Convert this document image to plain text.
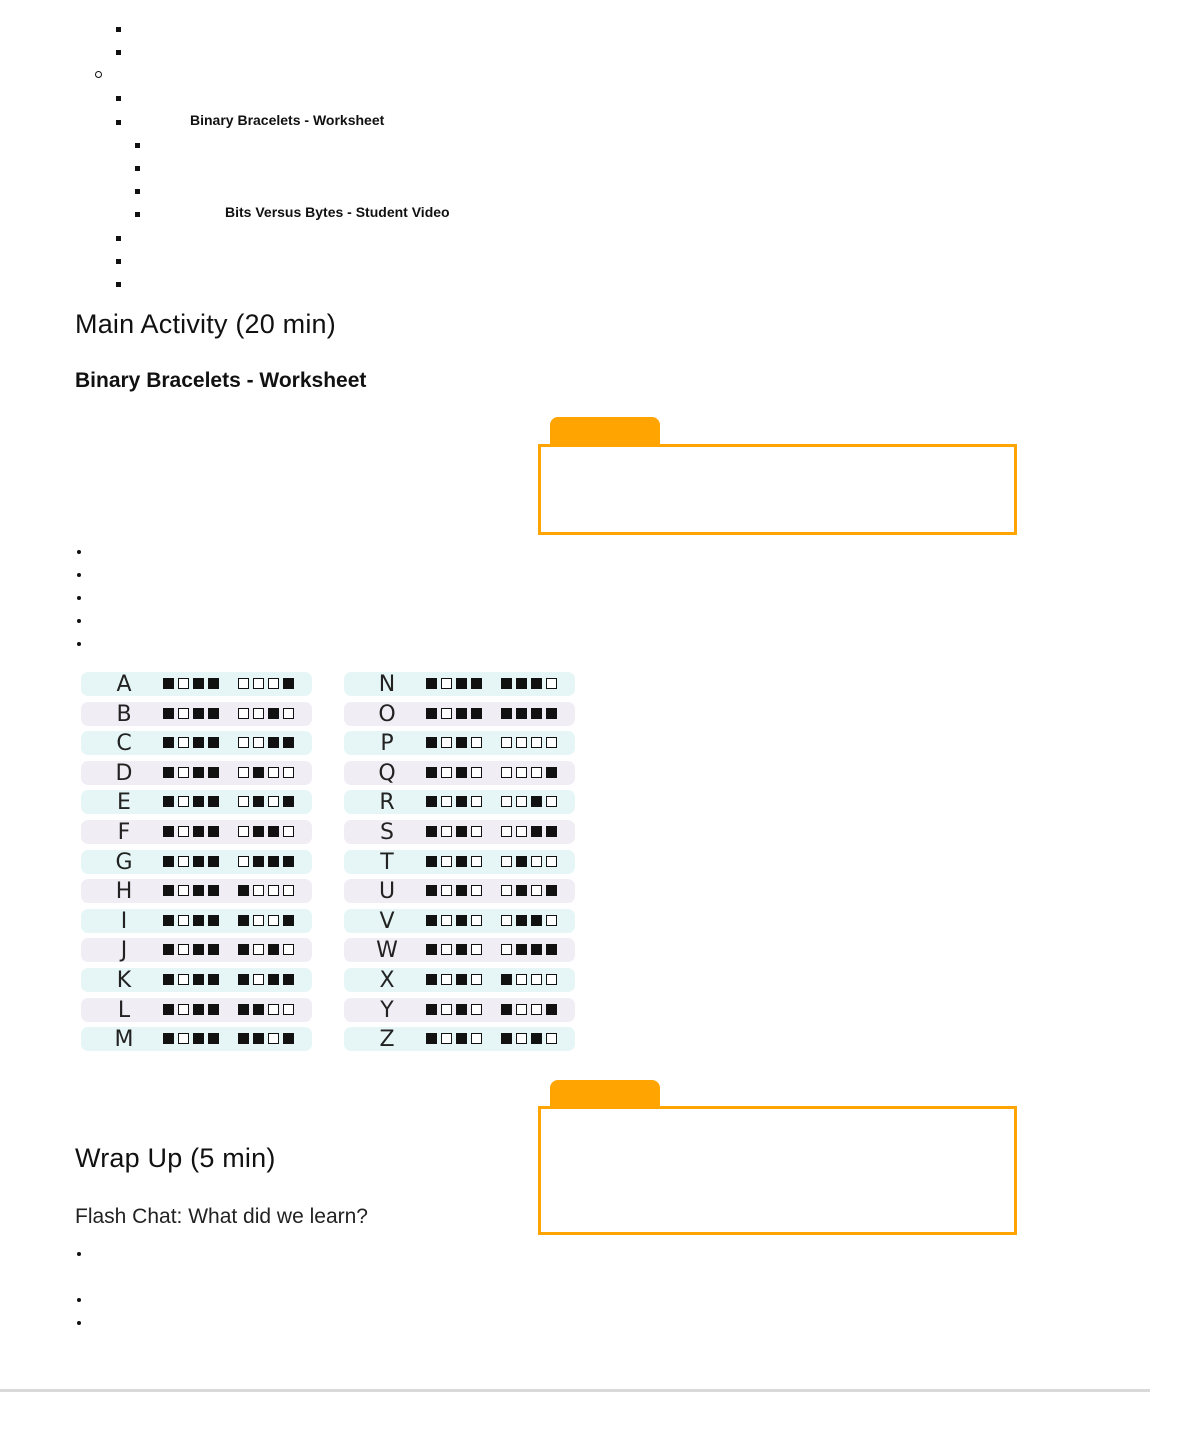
Binary Bracelets - Worksheet
Bits Versus Bytes - Student Video
Main Activity (20 min)
Binary Bracelets - Worksheet
A
B
C
D
E
F
G
H
I
J
K
L
M
N
O
P
Q
R
S
T
U
V
W
X
Y
Z
Wrap Up (5 min)

Flash Chat: What did we learn?
